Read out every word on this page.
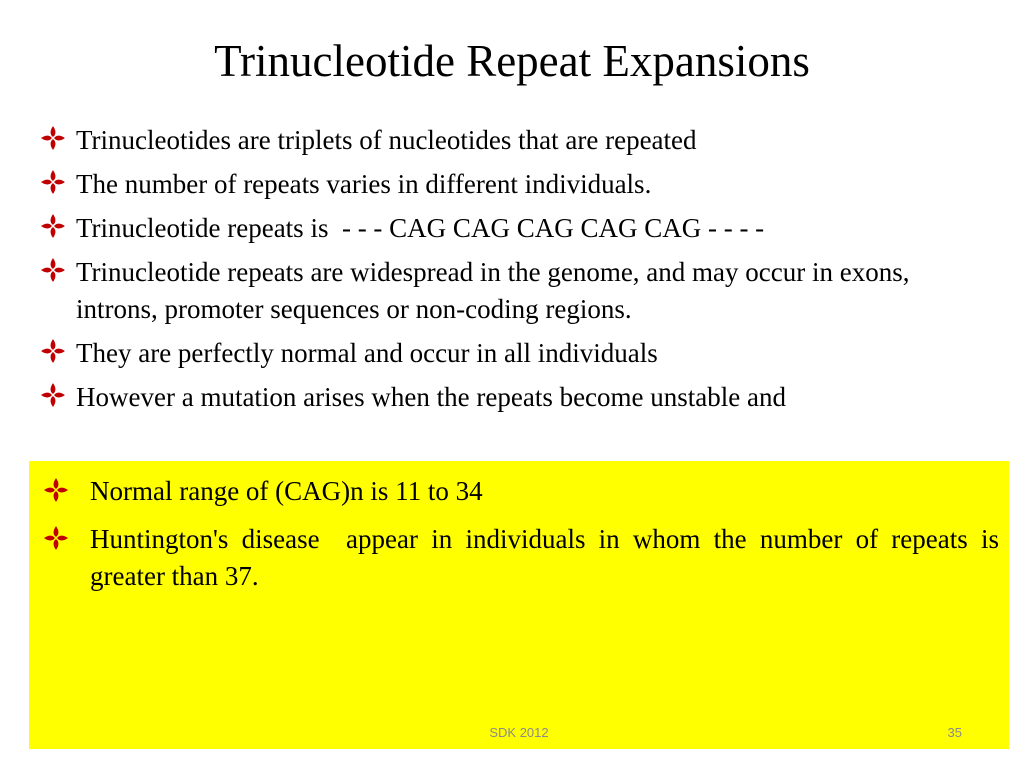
Trinucleotide Repeat Expansions
Trinucleotides are triplets of nucleotides that are repeated
The number of repeats varies in different individuals.
Trinucleotide repeats is  - - - CAG CAG CAG CAG CAG - - - -
Trinucleotide repeats are widespread in the genome, and may occur in exons, introns, promoter sequences or non-coding regions.
They are perfectly normal and occur in all individuals
However a mutation arises when the repeats become unstable and
Normal range of (CAG)n is 11 to 34
Huntington's disease  appear in individuals in whom the number of repeats is greater than 37.
SDK 2012	35
